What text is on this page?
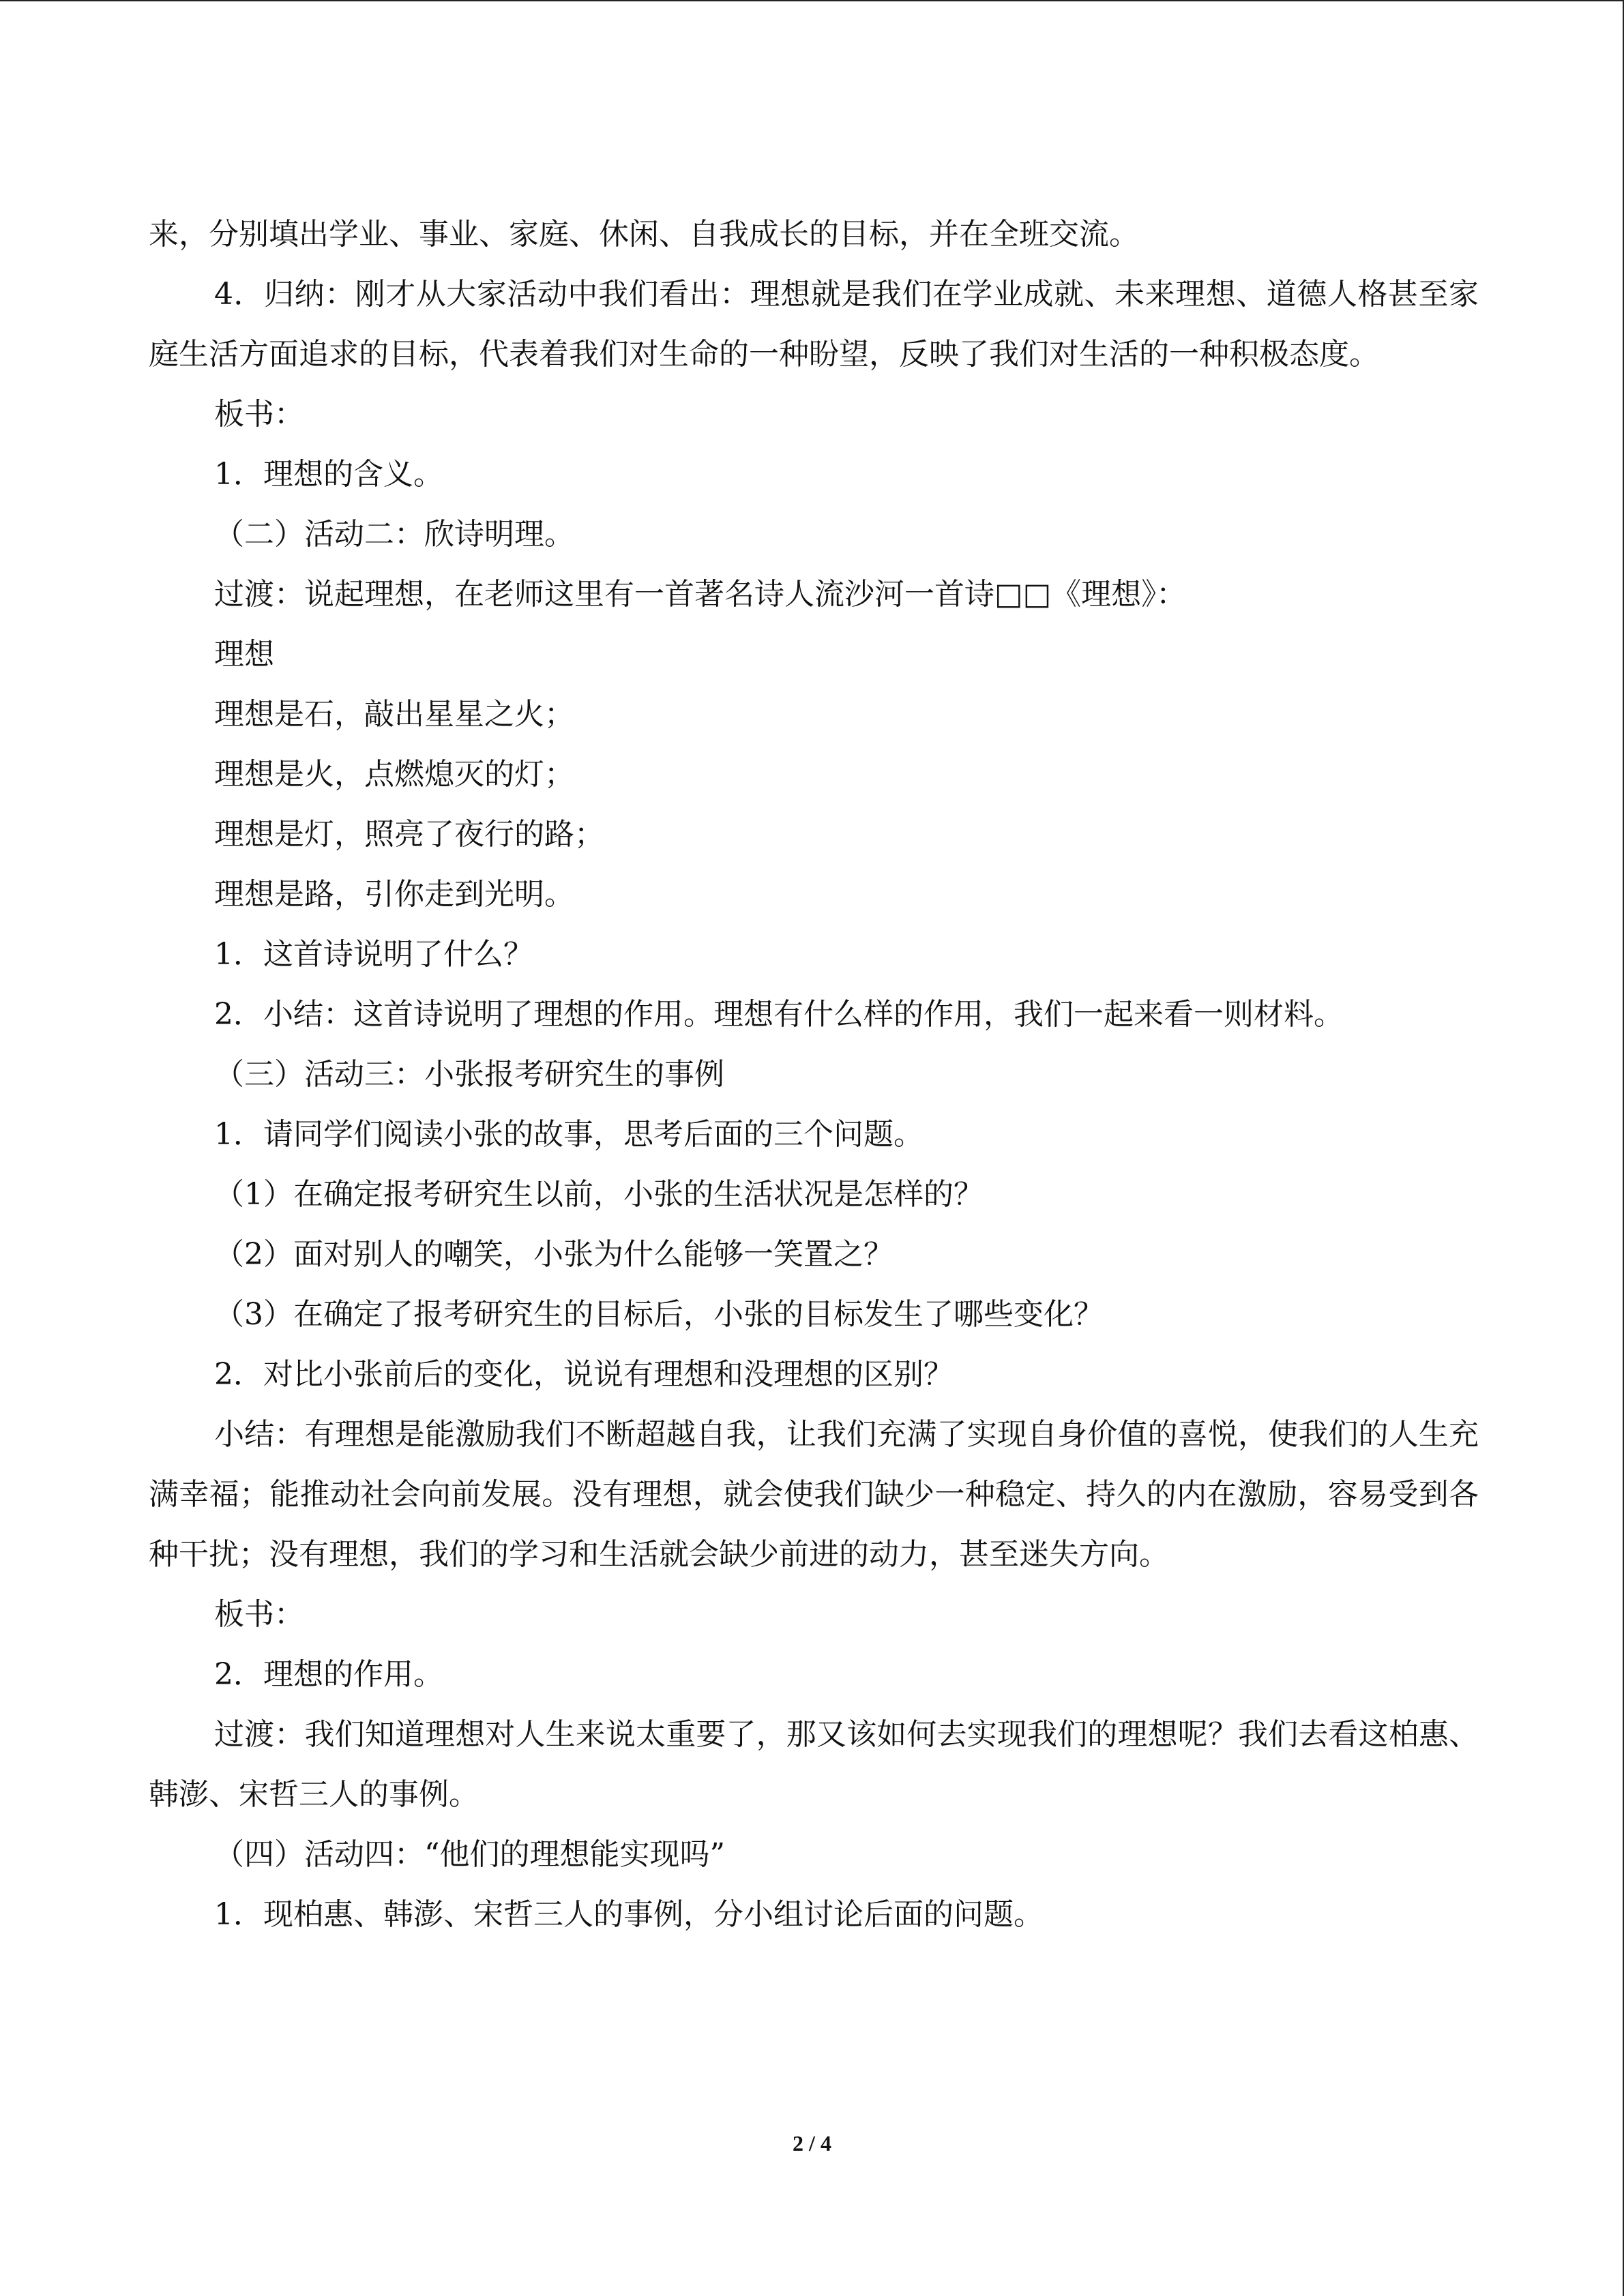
来，分别填出学业、事业、家庭、休闲、自我成长的目标，并在全班交流。

4．归纳：刚才从大家活动中我们看出：理想就是我们在学业成就、未来理想、道德人格甚至家庭生活方面追求的目标，代表着我们对生命的一种盼望，反映了我们对生活的一种积极态度。

板书：

1．理想的含义。

（二）活动二：欣诗明理。

过渡：说起理想，在老师这里有一首著名诗人流沙河一首诗□□《理想》：

理想

理想是石，敲出星星之火；

理想是火，点燃熄灭的灯；

理想是灯，照亮了夜行的路；

理想是路，引你走到光明。

1．这首诗说明了什么？

2．小结：这首诗说明了理想的作用。理想有什么样的作用，我们一起来看一则材料。

（三）活动三：小张报考研究生的事例

1．请同学们阅读小张的故事，思考后面的三个问题。

（1）在确定报考研究生以前，小张的生活状况是怎样的？

（2）面对别人的嘲笑，小张为什么能够一笑置之？

（3）在确定了报考研究生的目标后，小张的目标发生了哪些变化？

2．对比小张前后的变化，说说有理想和没理想的区别？

小结：有理想是能激励我们不断超越自我，让我们充满了实现自身价值的喜悦，使我们的人生充满幸福；能推动社会向前发展。没有理想，就会使我们缺少一种稳定、持久的内在激励，容易受到各种干扰；没有理想，我们的学习和生活就会缺少前进的动力，甚至迷失方向。

板书：

2．理想的作用。

过渡：我们知道理想对人生来说太重要了，那又该如何去实现我们的理想呢？我们去看这柏惠、韩澎、宋哲三人的事例。

（四）活动四：“他们的理想能实现吗”

1．现柏惠、韩澎、宋哲三人的事例，分小组讨论后面的问题。

2 / 4
